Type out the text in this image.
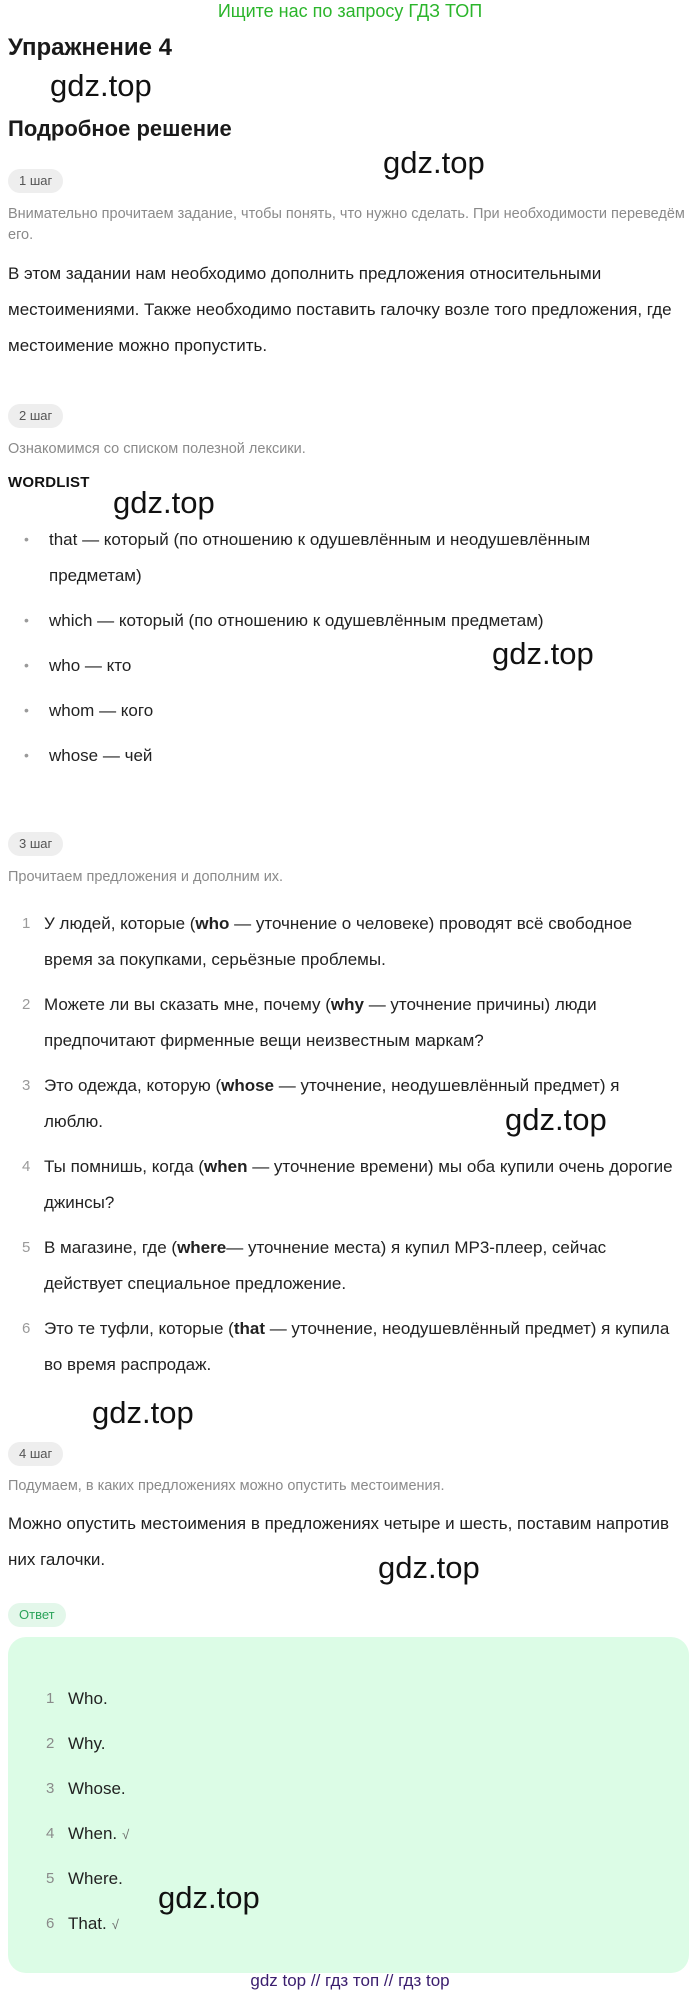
Ищите нас по запросу ГДЗ ТОП
Упражнение 4
gdz.top
Подробное решение
gdz.top
1 шаг
Внимательно прочитаем задание, чтобы понять, что нужно сделать. При необходимости переведём его.
В этом задании нам необходимо дополнить предложения относительными местоимениями. Также необходимо поставить галочку возле того предложения, где местоимение можно пропустить.
2 шаг
Ознакомимся со списком полезной лексики.
WORDLIST
gdz.top
• that — который (по отношению к одушевлённым и неодушевлённым предметам)
• which — который (по отношению к одушевлённым предметам)
• who — кто
• whom — кого
• whose — чей
gdz.top
3 шаг
Прочитаем предложения и дополним их.
1 У людей, которые (who — уточнение о человеке) проводят всё свободное время за покупками, серьёзные проблемы.
2 Можете ли вы сказать мне, почему (why — уточнение причины) люди предпочитают фирменные вещи неизвестным маркам?
3 Это одежда, которую (whose — уточнение, неодушевлённый предмет) я люблю.
4 Ты помнишь, когда (when — уточнение времени) мы оба купили очень дорогие джинсы?
5 В магазине, где (where— уточнение места) я купил МР3-плеер, сейчас действует специальное предложение.
6 Это те туфли, которые (that — уточнение, неодушевлённый предмет) я купила во время распродаж.
gdz.top
gdz.top
4 шаг
Подумаем, в каких предложениях можно опустить местоимения.
Можно опустить местоимения в предложениях четыре и шесть, поставим напротив них галочки.	gdz.top
Ответ
1 Who.
2 Why.
3 Whose.
4 When. √
5 Where.
6 That. √
gdz.top
gdz top // гдз топ // гдз top
